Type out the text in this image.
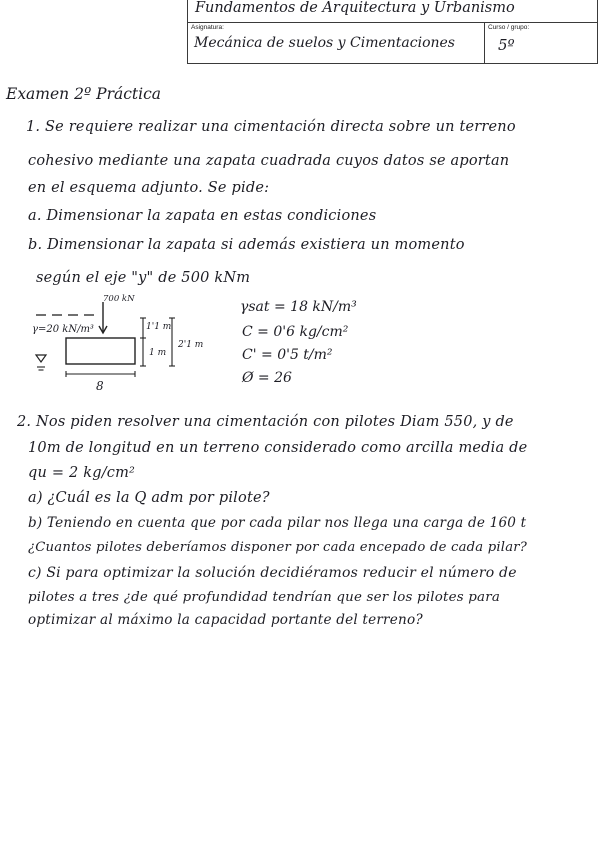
Fundamentos de Arquitectura y Urbanismo
Asignatura:
Mecánica de suelos y Cimentaciones
Curso / grupo:
5º
Examen 2º Práctica
1. Se requiere realizar una cimentación directa sobre un terreno
cohesivo mediante una zapata cuadrada cuyos datos se aportan
en el esquema adjunto. Se pide:
a. Dimensionar la zapata en estas condiciones
b. Dimensionar la zapata si además existiera un momento
según el eje "y" de 500 kNm
700 kN
γ=20 kN/m³	1'1 m
1 m
2'1 m
8
γsat = 18 kN/m³
C = 0'6 kg/cm²
C' = 0'5 t/m²
Ø = 26
2. Nos piden resolver una cimentación con pilotes Diam 550, y de
10m de longitud en un terreno considerado como arcilla media de
qu = 2 kg/cm²
a) ¿Cuál es la Q adm por pilote?
b) Teniendo en cuenta que por cada pilar nos llega una carga de 160 t
¿Cuantos pilotes deberíamos disponer por cada encepado de cada pilar?
c) Si para optimizar la solución decidiéramos reducir el número de
pilotes a tres ¿de qué profundidad tendrían que ser los pilotes para
optimizar al máximo la capacidad portante del terreno?
